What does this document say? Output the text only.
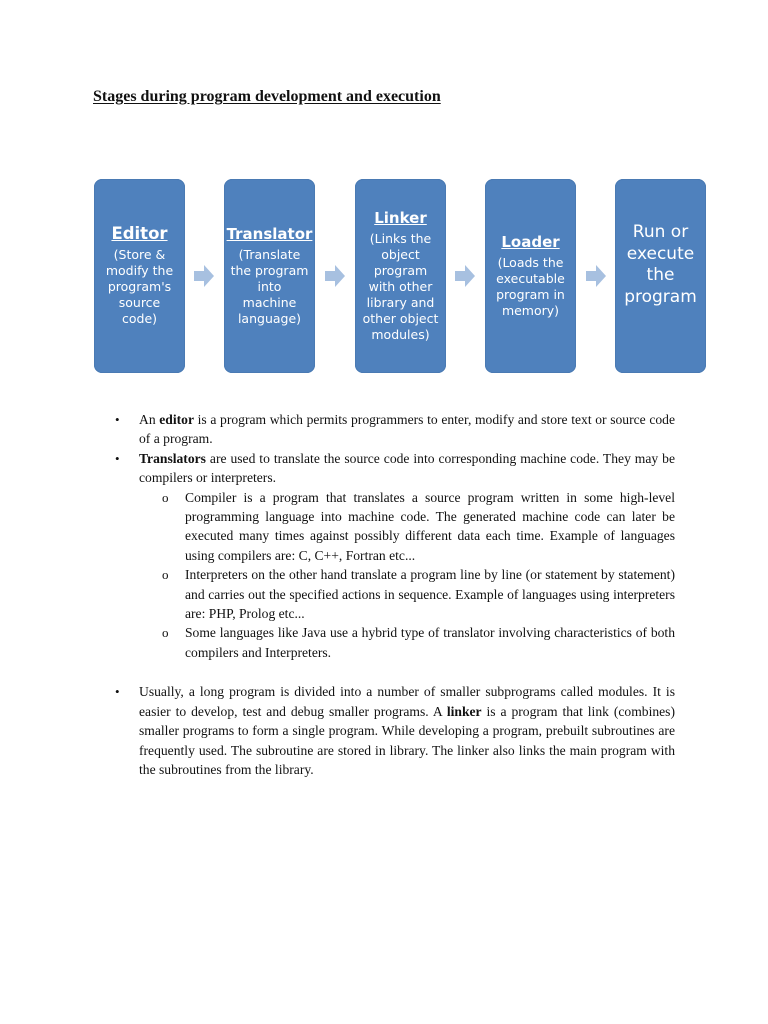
Stages during program development and execution
Editor
(Store & modify the program's source code)
Translator
(Translate the program into machine language)
Linker
(Links the object program with other library and other object modules)
Loader
(Loads the executable program in memory)
Run or execute the program
• An editor is a program which permits programmers to enter, modify and store text or source code of a program.
• Translators are used to translate the source code into corresponding machine code. They may be compilers or interpreters.
o Compiler is a program that translates a source program written in some high-level programming language into machine code. The generated machine code can later be executed many times against possibly different data each time. Example of languages using compilers are: C, C++, Fortran etc...
o Interpreters on the other hand translate a program line by line (or statement by statement) and carries out the specified actions in sequence. Example of languages using interpreters are: PHP, Prolog etc...
o Some languages like Java use a hybrid type of translator involving characteristics of both compilers and Interpreters.
• Usually, a long program is divided into a number of smaller subprograms called modules. It is easier to develop, test and debug smaller programs. A linker is a program that link (combines) smaller programs to form a single program. While developing a program, prebuilt subroutines are frequently used. The subroutine are stored in library. The linker also links the main program with the subroutines from the library.
